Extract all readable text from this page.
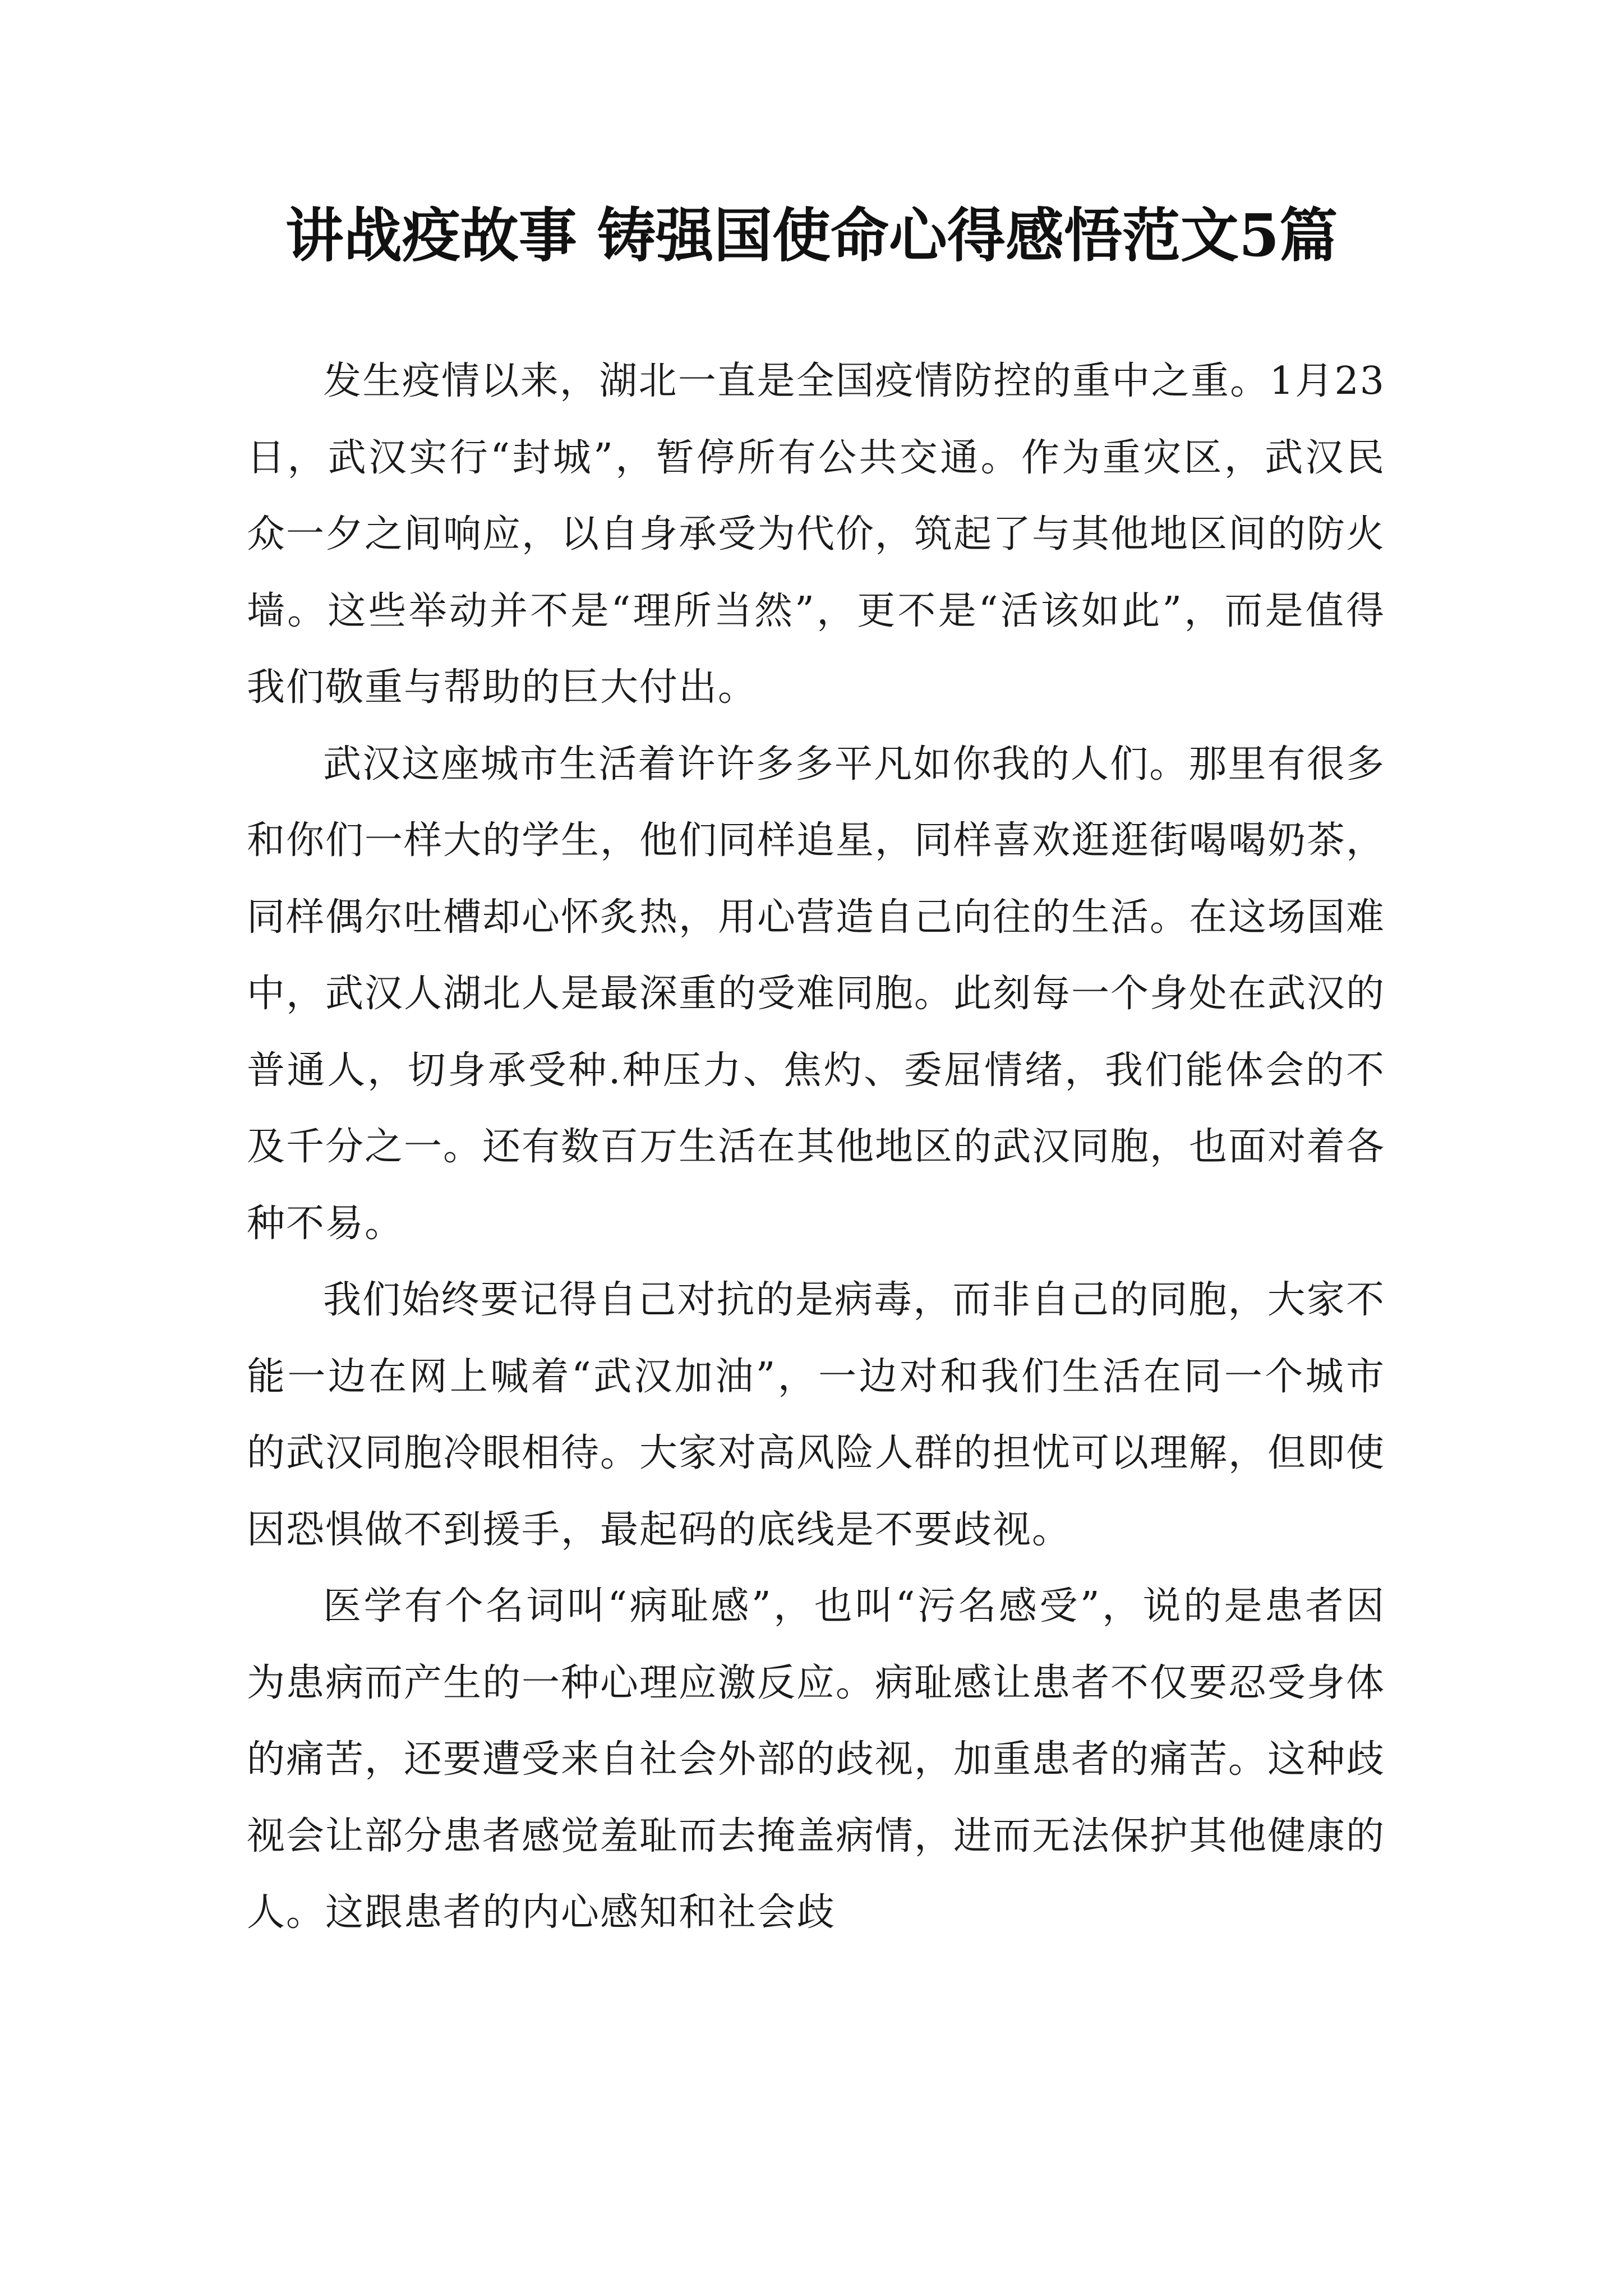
讲战疫故事 铸强国使命心得感悟范文5篇

发生疫情以来，湖北一直是全国疫情防控的重中之重。1月23日，武汉实行“封城”，暂停所有公共交通。作为重灾区，武汉民众一夕之间响应，以自身承受为代价，筑起了与其他地区间的防火墙。这些举动并不是“理所当然”，更不是“活该如此”，而是值得我们敬重与帮助的巨大付出。

武汉这座城市生活着许许多多平凡如你我的人们。那里有很多和你们一样大的学生，他们同样追星，同样喜欢逛逛街喝喝奶茶，同样偶尔吐槽却心怀炙热，用心营造自己向往的生活。在这场国难中，武汉人湖北人是最深重的受难同胞。此刻每一个身处在武汉的普通人，切身承受种.种压力、焦灼、委屈情绪，我们能体会的不及千分之一。还有数百万生活在其他地区的武汉同胞，也面对着各种不易。

我们始终要记得自己对抗的是病毒，而非自己的同胞，大家不能一边在网上喊着“武汉加油”，一边对和我们生活在同一个城市的武汉同胞冷眼相待。大家对高风险人群的担忧可以理解，但即使因恐惧做不到援手，最起码的底线是不要歧视。

医学有个名词叫“病耻感”，也叫“污名感受”，说的是患者因为患病而产生的一种心理应激反应。病耻感让患者不仅要忍受身体的痛苦，还要遭受来自社会外部的歧视，加重患者的痛苦。这种歧视会让部分患者感觉羞耻而去掩盖病情，进而无法保护其他健康的人。这跟患者的内心感知和社会歧
